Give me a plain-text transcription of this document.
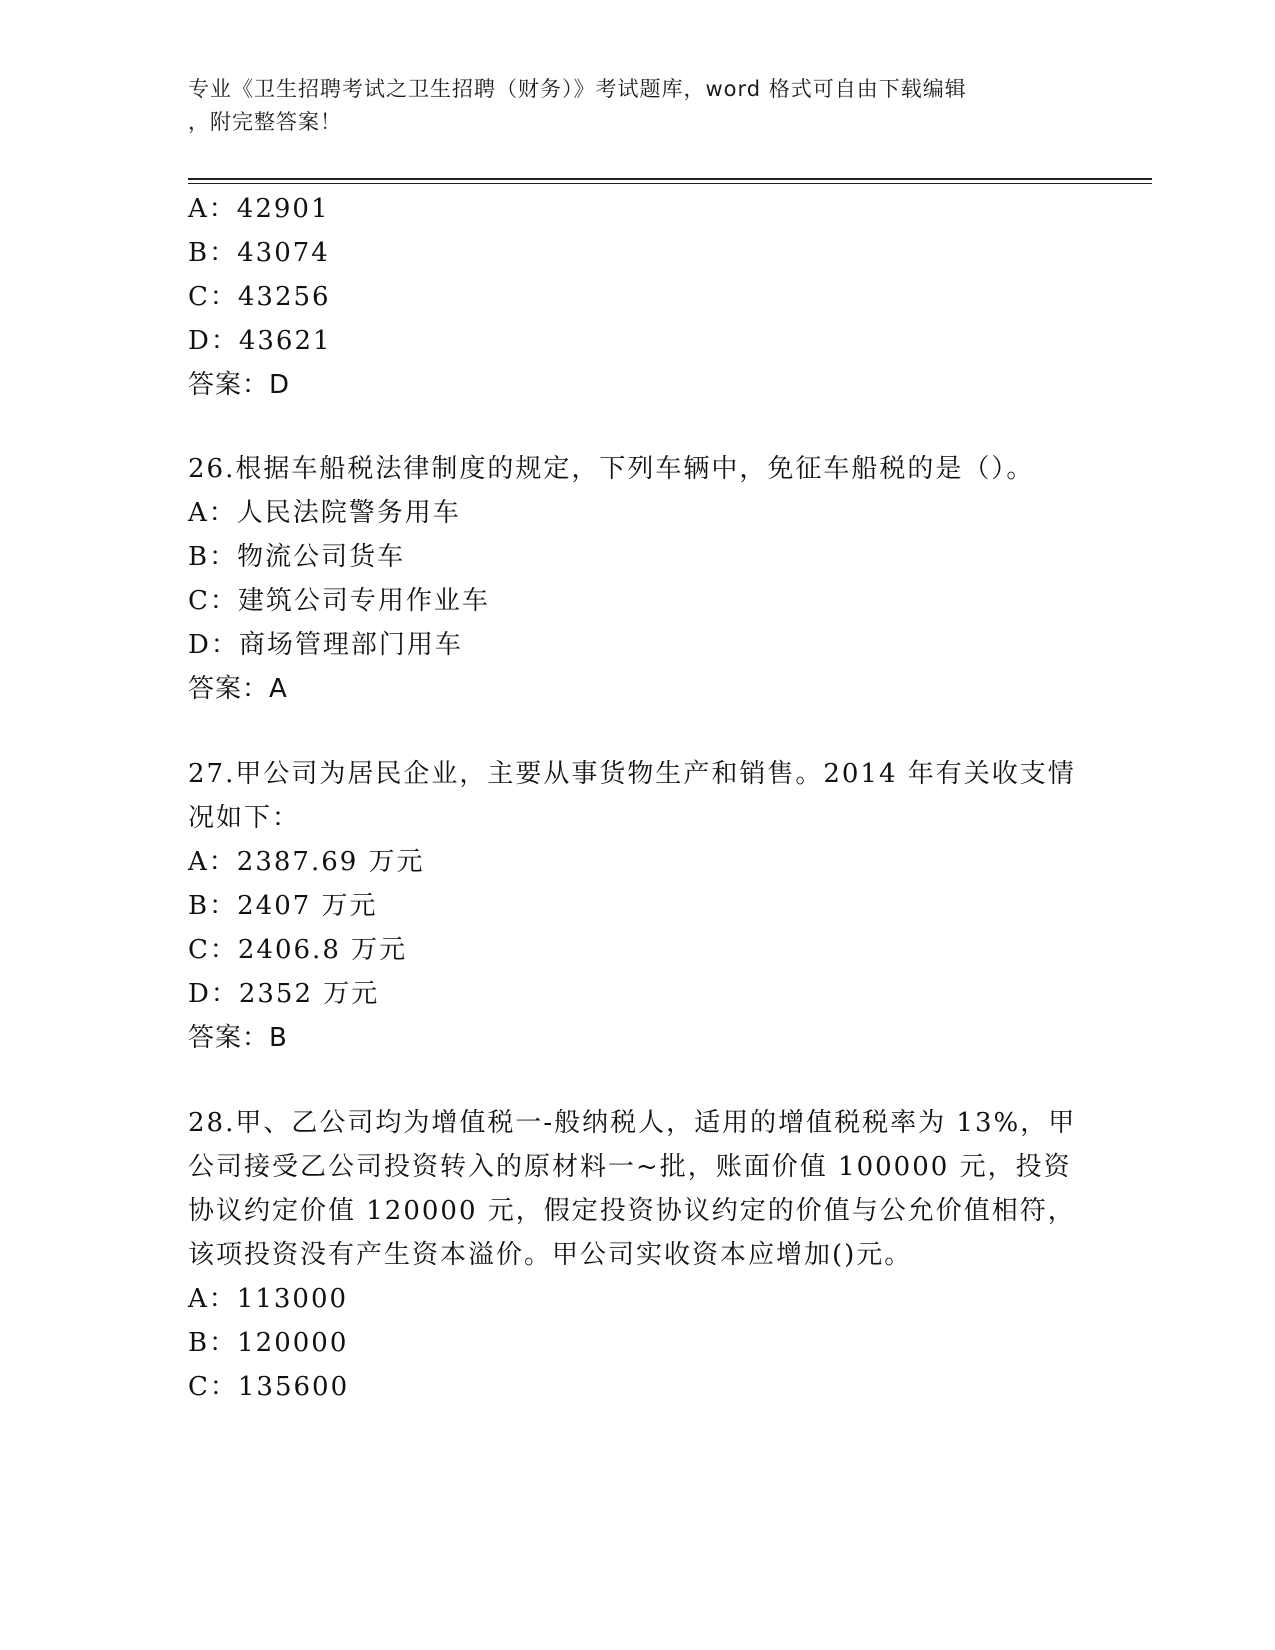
专业《卫生招聘考试之卫生招聘（财务）》考试题库，word 格式可自由下载编辑
，附完整答案！
A：42901
B：43074
C：43256
D：43621
答案：D
26.根据车船税法律制度的规定，下列车辆中，免征车船税的是（）。
A：人民法院警务用车
B：物流公司货车
C：建筑公司专用作业车
D：商场管理部门用车
答案：A
27.甲公司为居民企业，主要从事货物生产和销售。2014 年有关收支情
况如下：
A：2387.69 万元
B：2407 万元
C：2406.8 万元
D：2352 万元
答案：B
28.甲、乙公司均为增值税一-般纳税人，适用的增值税税率为 13%，甲
公司接受乙公司投资转入的原材料一~批，账面价值 100000 元，投资
协议约定价值 120000 元，假定投资协议约定的价值与公允价值相符，
该项投资没有产生资本溢价。甲公司实收资本应增加()元。
A：113000
B：120000
C：135600
